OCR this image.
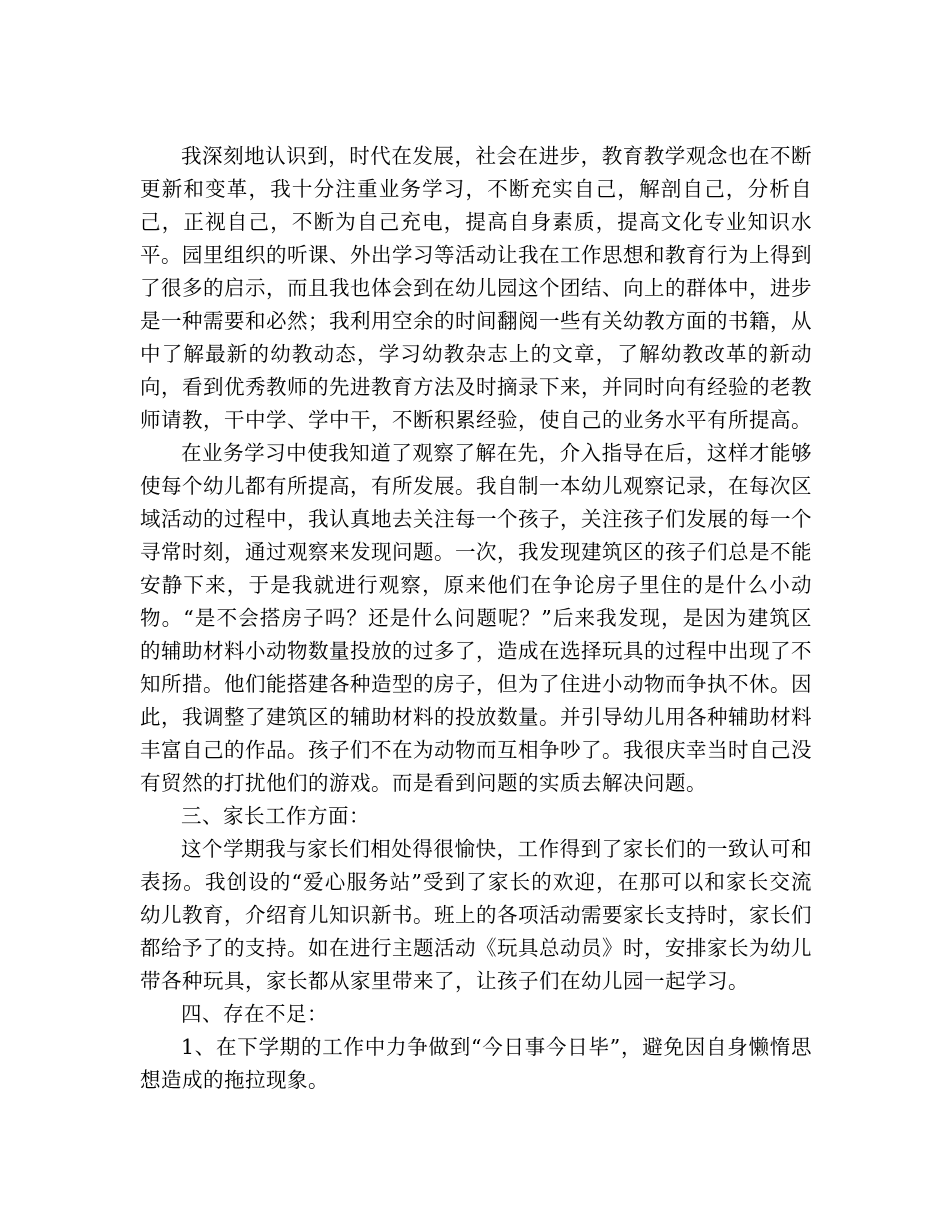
我深刻地认识到，时代在发展，社会在进步，教育教学观念也在不断更新和变革，我十分注重业务学习，不断充实自己，解剖自己，分析自己，正视自己，不断为自己充电，提高自身素质，提高文化专业知识水平。园里组织的听课、外出学习等活动让我在工作思想和教育行为上得到了很多的启示，而且我也体会到在幼儿园这个团结、向上的群体中，进步是一种需要和必然；我利用空余的时间翻阅一些有关幼教方面的书籍，从中了解最新的幼教动态，学习幼教杂志上的文章，了解幼教改革的新动向，看到优秀教师的先进教育方法及时摘录下来，并同时向有经验的老教师请教，干中学、学中干，不断积累经验，使自己的业务水平有所提高。

在业务学习中使我知道了观察了解在先，介入指导在后，这样才能够使每个幼儿都有所提高，有所发展。我自制一本幼儿观察记录，在每次区域活动的过程中，我认真地去关注每一个孩子，关注孩子们发展的每一个寻常时刻，通过观察来发现问题。一次，我发现建筑区的孩子们总是不能安静下来，于是我就进行观察，原来他们在争论房子里住的是什么小动物。“是不会搭房子吗？还是什么问题呢？”后来我发现，是因为建筑区的辅助材料小动物数量投放的过多了，造成在选择玩具的过程中出现了不知所措。他们能搭建各种造型的房子，但为了住进小动物而争执不休。因此，我调整了建筑区的辅助材料的投放数量。并引导幼儿用各种辅助材料丰富自己的作品。孩子们不在为动物而互相争吵了。我很庆幸当时自己没有贸然的打扰他们的游戏。而是看到问题的实质去解决问题。

三、家长工作方面：

这个学期我与家长们相处得很愉快，工作得到了家长们的一致认可和表扬。我创设的“爱心服务站”受到了家长的欢迎，在那可以和家长交流幼儿教育，介绍育儿知识新书。班上的各项活动需要家长支持时，家长们都给予了的支持。如在进行主题活动《玩具总动员》时，安排家长为幼儿带各种玩具，家长都从家里带来了，让孩子们在幼儿园一起学习。

四、存在不足：

1、在下学期的工作中力争做到“今日事今日毕”，避免因自身懒惰思想造成的拖拉现象。
